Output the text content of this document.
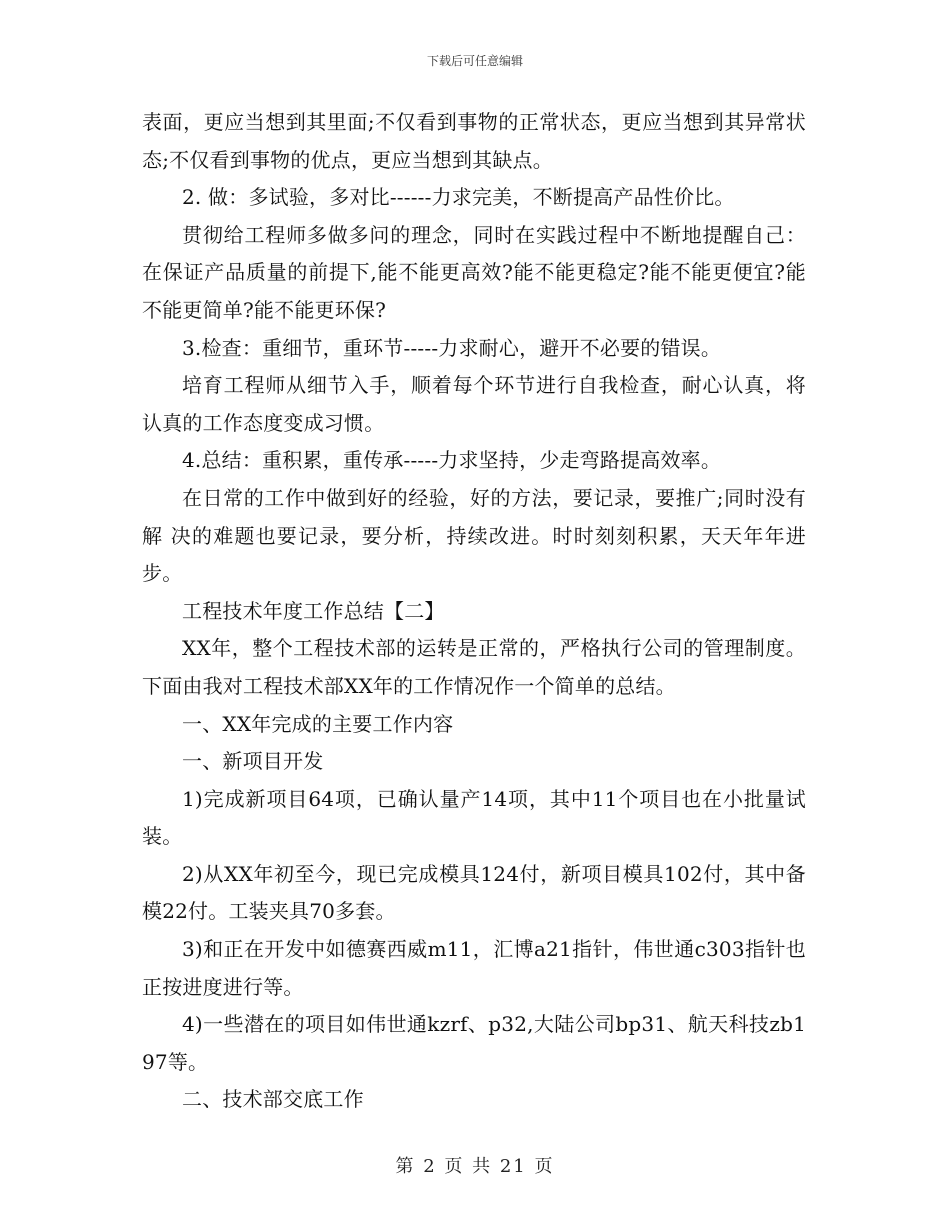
下载后可任意编辑

表面，更应当想到其里面;不仅看到事物的正常状态，更应当想到其异常状态;不仅看到事物的优点，更应当想到其缺点。

2. 做：多试验，多对比------力求完美，不断提高产品性价比。

贯彻给工程师多做多问的理念，同时在实践过程中不断地提醒自己：在保证产品质量的前提下,能不能更高效?能不能更稳定?能不能更便宜?能不能更简单?能不能更环保?

3.检查：重细节，重环节-----力求耐心，避开不必要的错误。

培育工程师从细节入手，顺着每个环节进行自我检查，耐心认真，将认真的工作态度变成习惯。

4.总结：重积累，重传承-----力求坚持，少走弯路提高效率。

在日常的工作中做到好的经验，好的方法，要记录，要推广;同时没有解 决的难题也要记录，要分析，持续改进。时时刻刻积累，天天年年进步。

工程技术年度工作总结【二】

XX年，整个工程技术部的运转是正常的，严格执行公司的管理制度。下面由我对工程技术部XX年的工作情况作一个简单的总结。

一、XX年完成的主要工作内容

一、新项目开发

1)完成新项目64项，已确认量产14项，其中11个项目也在小批量试装。

2)从XX年初至今，现已完成模具124付，新项目模具102付，其中备模22付。工装夹具70多套。

3)和正在开发中如德赛西威m11，汇博a21指针，伟世通c303指针也正按进度进行等。

4)一些潜在的项目如伟世通kzrf、p32,大陆公司bp31、航天科技zb197等。

二、技术部交底工作

第 2 页 共 21 页
